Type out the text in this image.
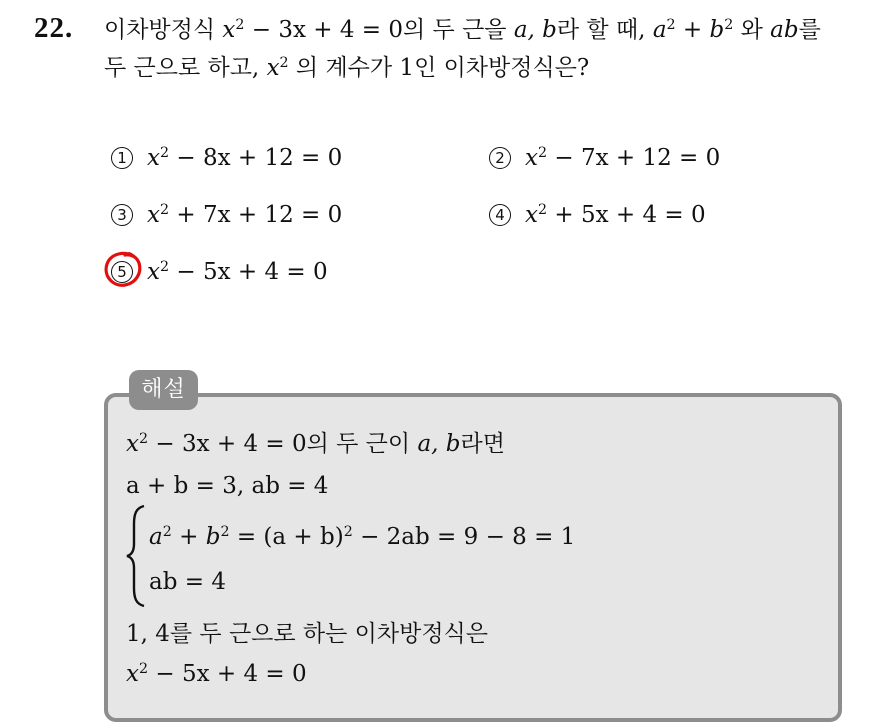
22. 이차방정식 $x^2 - 3x + 4 = 0$의 두 근을 a, b라 할 때, $a^2 + b^2$ 와 ab를
두 근으로 하고, $x^2$ 의 계수가 1인 이차방정식은?
1 $x^2 - 8x + 12 = 0$	2 $x^2 - 7x + 12 = 0$
3 $x^2 + 7x + 12 = 0$	4 $x^2 + 5x + 4 = 0$
5 $x^2 - 5x + 4 = 0$
해설
$x^2 - 3x + 4 = 0$의 두 근이 a, b라면
a + b = 3, ab = 4
$a^2 + b^2 = (a + b)^2 - 2ab = 9 - 8 = 1$
ab = 4
1, 4를 두 근으로 하는 이차방정식은
$x^2 - 5x + 4 = 0$
